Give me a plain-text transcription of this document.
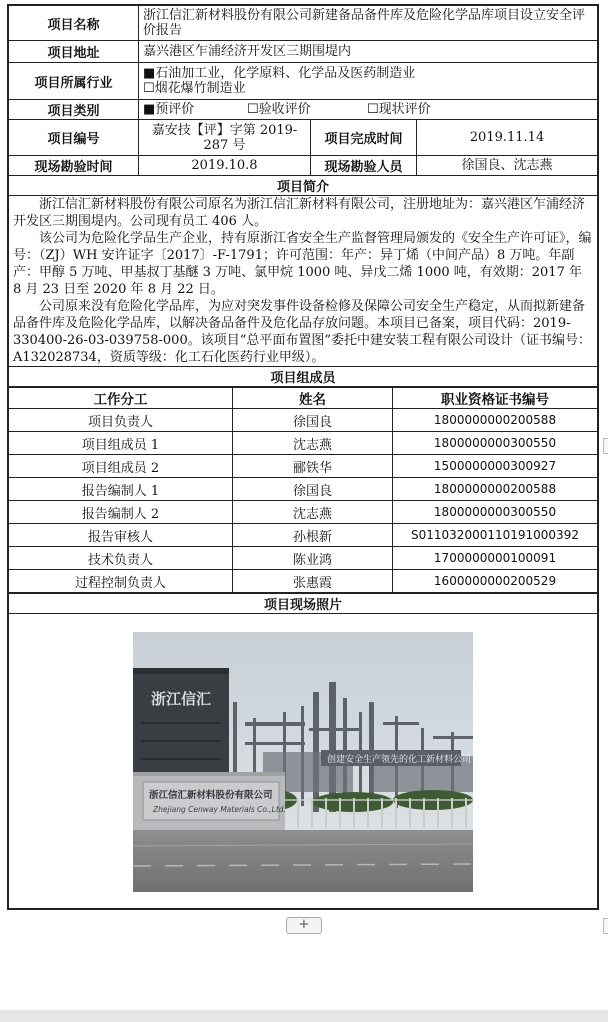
项目名称	浙江信汇新材料股份有限公司新建备品备件库及危险化学品库项目设立安全评价报告		
项目地址	嘉兴港区乍浦经济开发区三期围堤内		
项目所属行业	■石油加工业，化学原料、化学品及医药制造业
☐烟花爆竹制造业		

项目类别	■预评价 ☐验收评价 ☐现状评价		
项目编号	嘉安技【评】字第 2019-287 号	项目完成时间	2019.11.14
现场勘验时间	2019.10.8	现场勘验人员	徐国良、沈志燕
项目简介			

浙江信汇新材料股份有限公司原名为浙江信汇新材料有限公司，注册地址为：嘉兴港区乍浦经济开发区三期围堤内。公司现有员工 406 人。

该公司为危险化学品生产企业，持有原浙江省安全生产监督管理局颁发的《安全生产许可证》，编号：（ZJ）WH 安许证字〔2017〕-F-1791；许可范围：年产：异丁烯（中间产品）8 万吨。年副产：甲醇 5 万吨、甲基叔丁基醚 3 万吨、氯甲烷 1000 吨、异戊二烯 1000 吨，有效期：2017 年 8 月 23 日至 2020 年 8 月 22 日。

公司原来没有危险化学品库，为应对突发事件设备检修及保障公司安全生产稳定，从而拟新建备品备件库及危险化学品库，以解决备品备件及危化品存放问题。本项目已备案，项目代码：2019-330400-26-03-039758-000。该项目“总平面布置图”委托中建安装工程有限公司设计（证书编号：A132028734，资质等级：化工石化医药行业甲级）。			

项目组成员			
工作分工	姓名	职业资格证书编号
项目负责人	徐国良	1800000000200588
项目组成员 1	沈志燕	1800000000300550
项目组成员 2	郦铁华	1500000000300927
报告编制人 1	徐国良	1800000000200588
报告编制人 2	沈志燕	1800000000300550
报告审核人	孙根新	S011032000110191000392
技术负责人	陈业鸿	1700000000100091
过程控制负责人	张惠霞	1600000000200529
项目现场照片

浙江信汇
创建安全生产领先的化工新材料公司
浙江信汇新材料股份有限公司
Zhejiang Cenway Materials Co.,Ltd.
+
